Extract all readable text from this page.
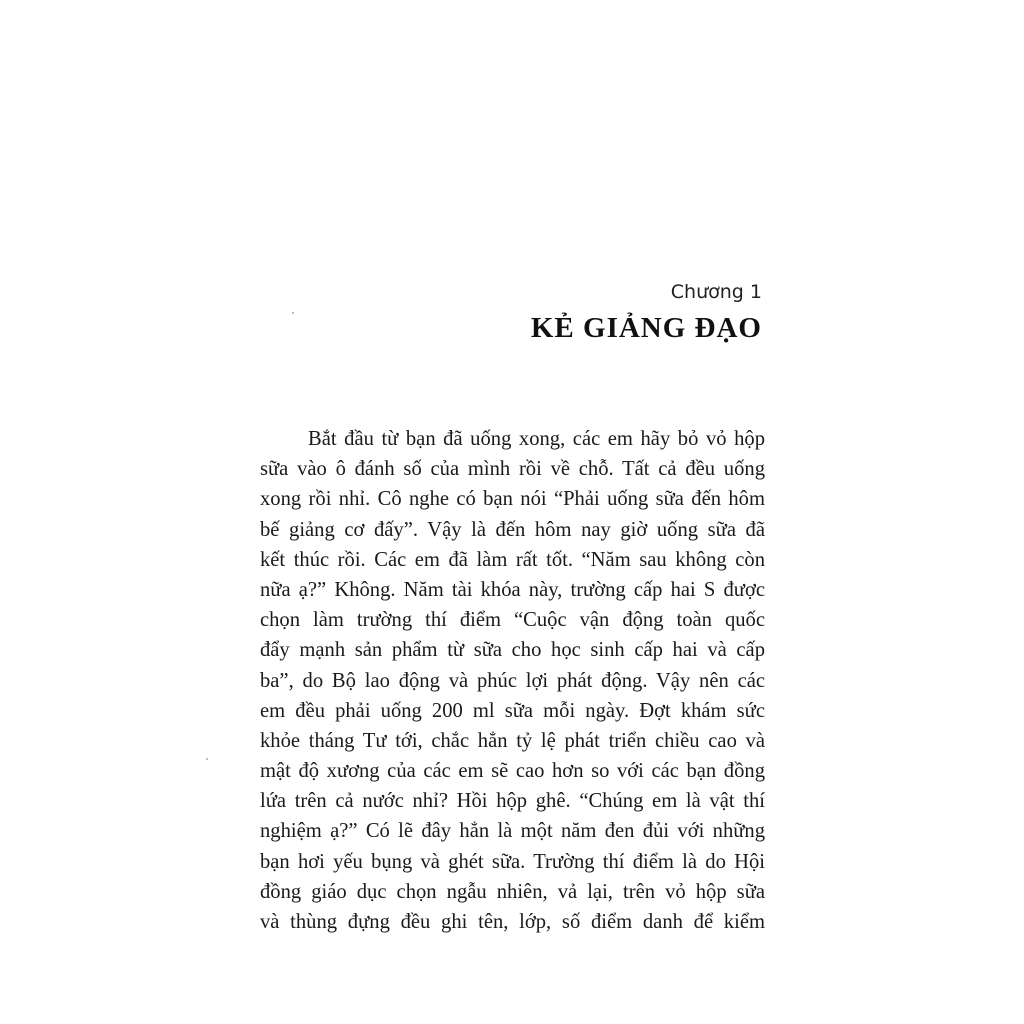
Chương 1
KẺ GIẢNG ĐẠO
Bắt đầu từ bạn đã uống xong, các em hãy bỏ vỏ hộp
sữa vào ô đánh số của mình rồi về chỗ. Tất cả đều uống
xong rồi nhỉ. Cô nghe có bạn nói “Phải uống sữa đến hôm
bế giảng cơ đấy”. Vậy là đến hôm nay giờ uống sữa đã
kết thúc rồi. Các em đã làm rất tốt. “Năm sau không còn
nữa ạ?” Không. Năm tài khóa này, trường cấp hai S được
chọn làm trường thí điểm “Cuộc vận động toàn quốc
đẩy mạnh sản phẩm từ sữa cho học sinh cấp hai và cấp
ba”, do Bộ lao động và phúc lợi phát động. Vậy nên các
em đều phải uống 200 ml sữa mỗi ngày. Đợt khám sức
khỏe tháng Tư tới, chắc hẳn tỷ lệ phát triển chiều cao và
mật độ xương của các em sẽ cao hơn so với các bạn đồng
lứa trên cả nước nhỉ? Hồi hộp ghê. “Chúng em là vật thí
nghiệm ạ?” Có lẽ đây hẳn là một năm đen đủi với những
bạn hơi yếu bụng và ghét sữa. Trường thí điểm là do Hội
đồng giáo dục chọn ngẫu nhiên, vả lại, trên vỏ hộp sữa
và thùng đựng đều ghi tên, lớp, số điểm danh để kiểm
